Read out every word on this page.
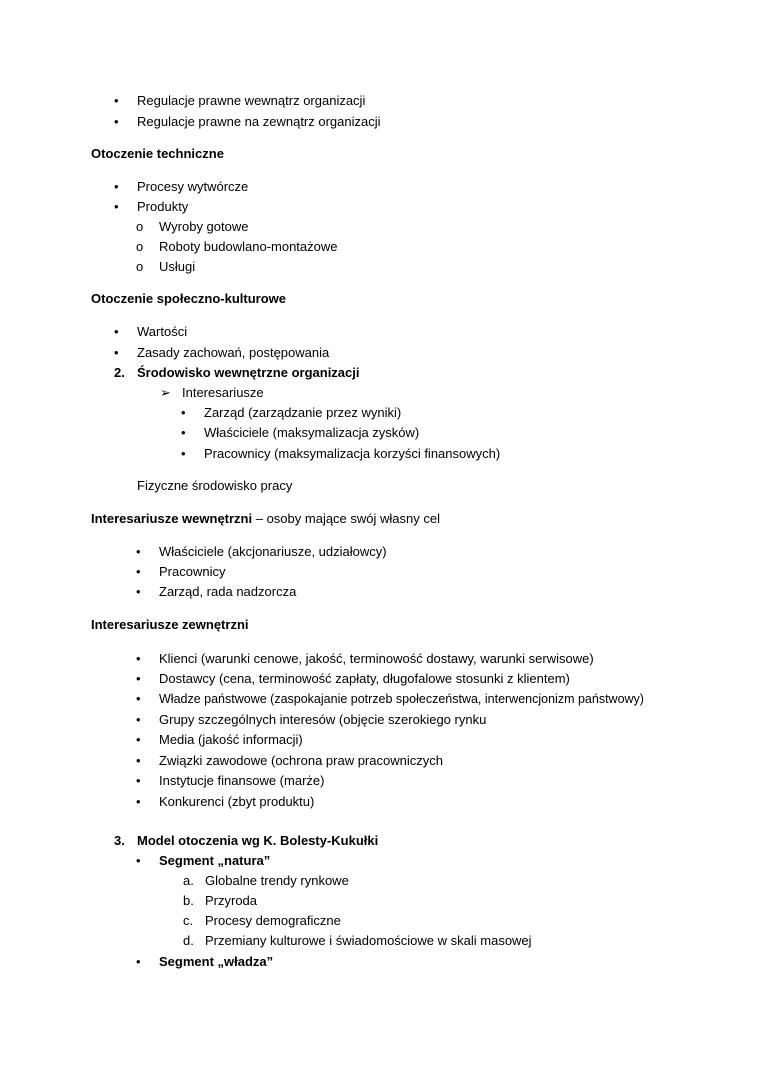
• Regulacje prawne wewnątrz organizacji
• Regulacje prawne na zewnątrz organizacji
Otoczenie techniczne
• Procesy wytwórcze
• Produkty
o Wyroby gotowe
o Roboty budowlano-montażowe
o Usługi
Otoczenie społeczno-kulturowe
• Wartości
• Zasady zachowań, postępowania
2. Środowisko wewnętrzne organizacji
➢ Interesariusze
• Zarząd (zarządzanie przez wyniki)
• Właściciele (maksymalizacja zysków)
• Pracownicy (maksymalizacja korzyści finansowych)
Fizyczne środowisko pracy
Interesariusze wewnętrzni – osoby mające swój własny cel
• Właściciele (akcjonariusze, udziałowcy)
• Pracownicy
• Zarząd, rada nadzorcza
Interesariusze zewnętrzni
• Klienci (warunki cenowe, jakość, terminowość dostawy, warunki serwisowe)
• Dostawcy (cena, terminowość zapłaty, długofalowe stosunki z klientem)
• Władze państwowe (zaspokajanie potrzeb społeczeństwa, interwencjonizm państwowy)
• Grupy szczególnych interesów (objęcie szerokiego rynku
• Media (jakość informacji)
• Związki zawodowe (ochrona praw pracowniczych
• Instytucje finansowe (marże)
• Konkurenci (zbyt produktu)
3. Model otoczenia wg K. Bolesty-Kukułki
• Segment „natura”
a. Globalne trendy rynkowe
b. Przyroda
c. Procesy demograficzne
d. Przemiany kulturowe i świadomościowe w skali masowej
• Segment „władza”
